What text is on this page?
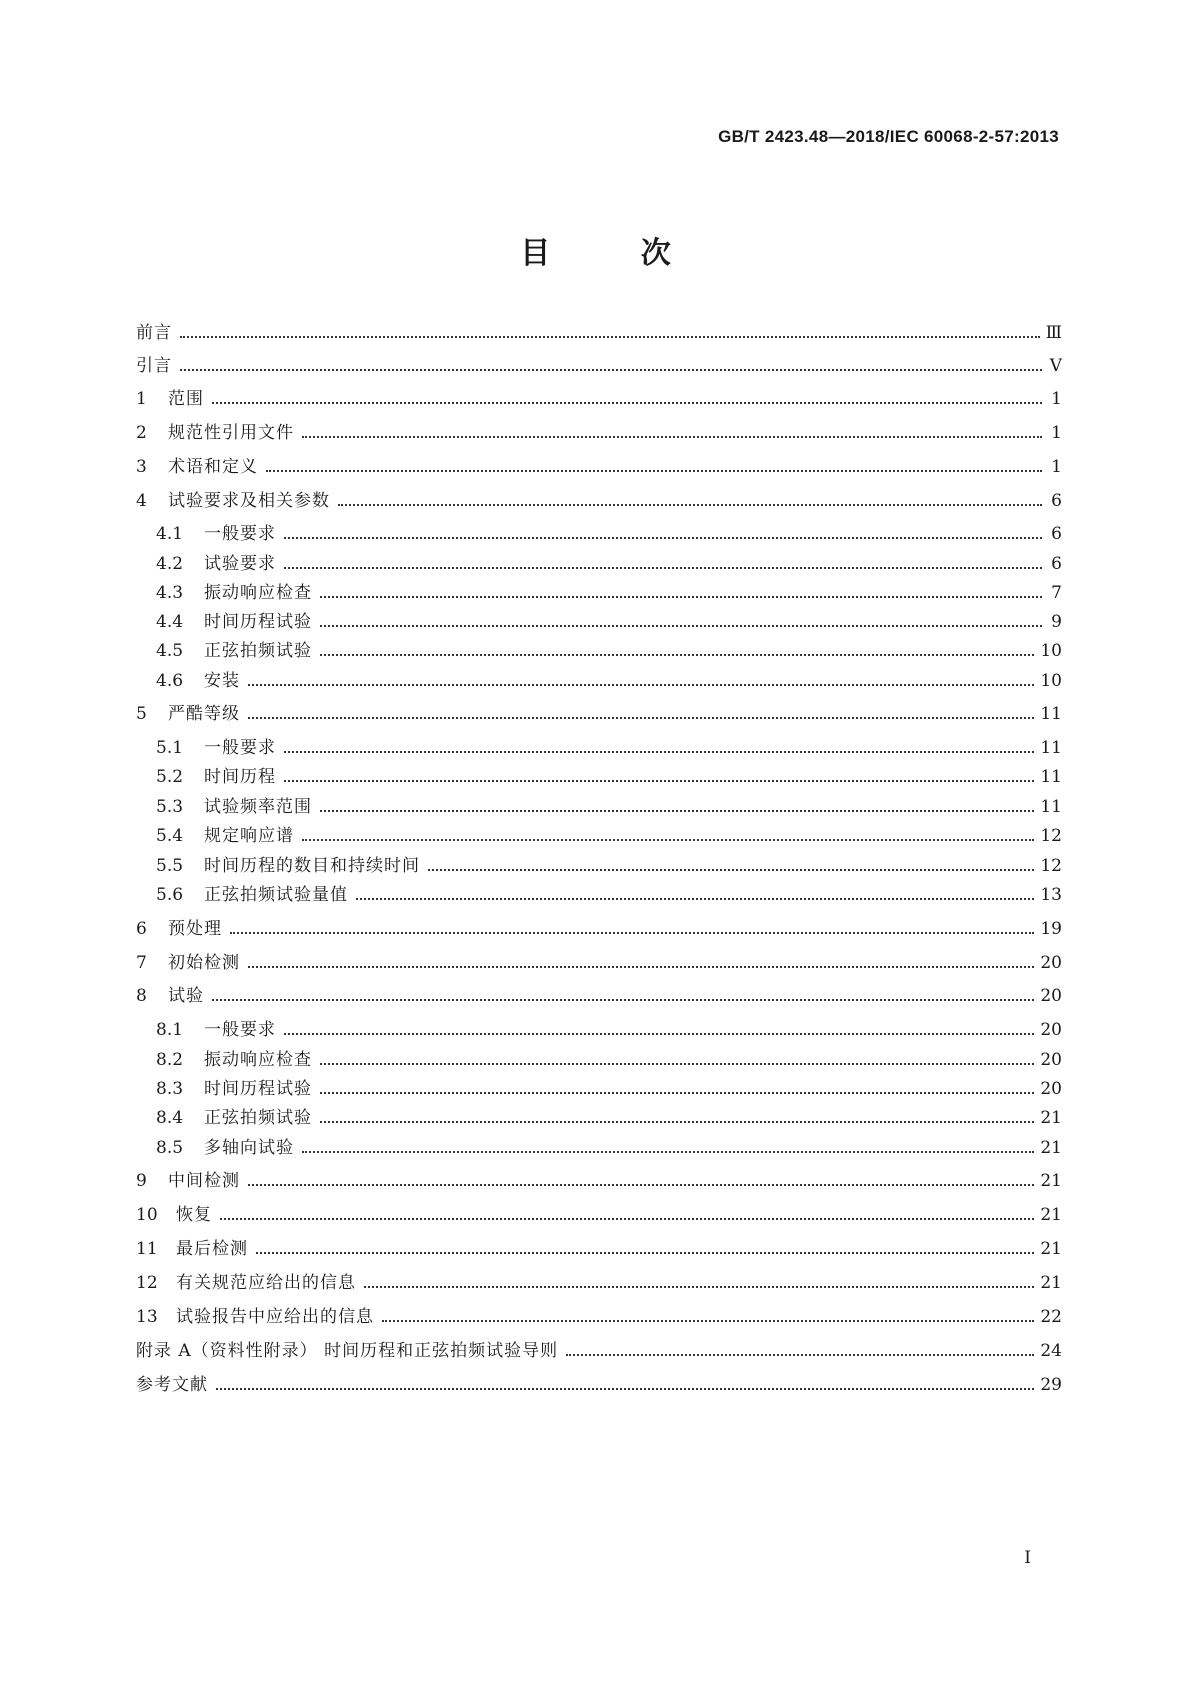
GB/T 2423.48—2018/IEC 60068-2-57:2013
目 次
前言	Ⅲ
引言	Ⅴ
1	范围	1
2	规范性引用文件	1
3	术语和定义	1
4	试验要求及相关参数	6
4.1	一般要求	6
4.2	试验要求	6
4.3	振动响应检查	7
4.4	时间历程试验	9
4.5	正弦拍频试验	10
4.6	安装	10
5	严酷等级	11
5.1	一般要求	11
5.2	时间历程	11
5.3	试验频率范围	11
5.4	规定响应谱	12
5.5	时间历程的数目和持续时间	12
5.6	正弦拍频试验量值	13
6	预处理	19
7	初始检测	20
8	试验	20
8.1	一般要求	20
8.2	振动响应检查	20
8.3	时间历程试验	20
8.4	正弦拍频试验	21
8.5	多轴向试验	21
9	中间检测	21
10	恢复	21
11	最后检测	21
12	有关规范应给出的信息	21
13	试验报告中应给出的信息	22
附录 A（资料性附录） 时间历程和正弦拍频试验导则	24
参考文献	29
I
